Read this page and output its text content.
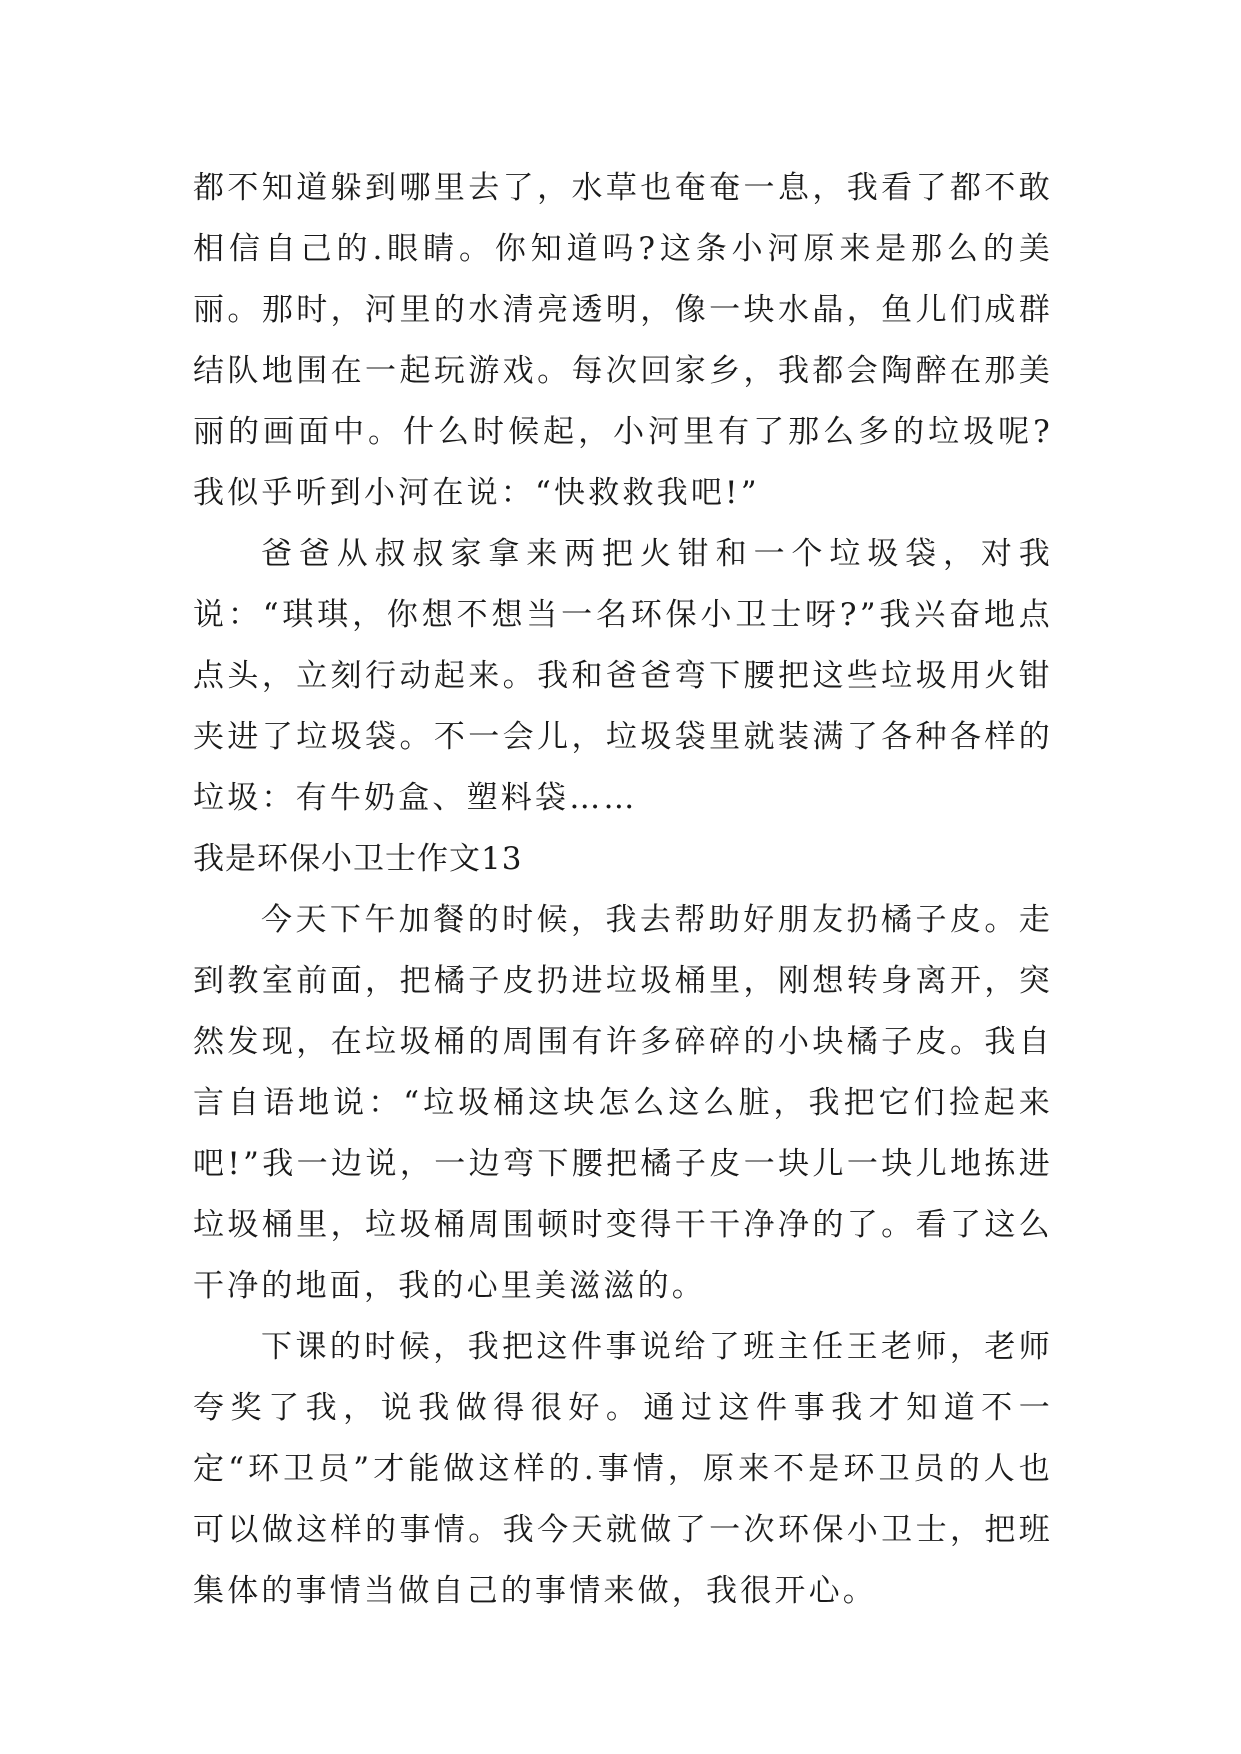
都不知道躲到哪里去了，水草也奄奄一息，我看了都不敢相信自己的.眼睛。你知道吗?这条小河原来是那么的美丽。那时，河里的水清亮透明，像一块水晶，鱼儿们成群结队地围在一起玩游戏。每次回家乡，我都会陶醉在那美丽的画面中。什么时候起，小河里有了那么多的垃圾呢?我似乎听到小河在说：“快救救我吧!”

爸爸从叔叔家拿来两把火钳和一个垃圾袋，对我说：“琪琪，你想不想当一名环保小卫士呀?”我兴奋地点点头，立刻行动起来。我和爸爸弯下腰把这些垃圾用火钳夹进了垃圾袋。不一会儿，垃圾袋里就装满了各种各样的垃圾：有牛奶盒、塑料袋……

我是环保小卫士作文13

今天下午加餐的时候，我去帮助好朋友扔橘子皮。走到教室前面，把橘子皮扔进垃圾桶里，刚想转身离开，突然发现，在垃圾桶的周围有许多碎碎的小块橘子皮。我自言自语地说：“垃圾桶这块怎么这么脏，我把它们捡起来吧!”我一边说，一边弯下腰把橘子皮一块儿一块儿地拣进垃圾桶里，垃圾桶周围顿时变得干干净净的了。看了这么干净的地面，我的心里美滋滋的。

下课的时候，我把这件事说给了班主任王老师，老师夸奖了我，说我做得很好。通过这件事我才知道不一定“环卫员”才能做这样的.事情，原来不是环卫员的人也可以做这样的事情。我今天就做了一次环保小卫士，把班集体的事情当做自己的事情来做，我很开心。
